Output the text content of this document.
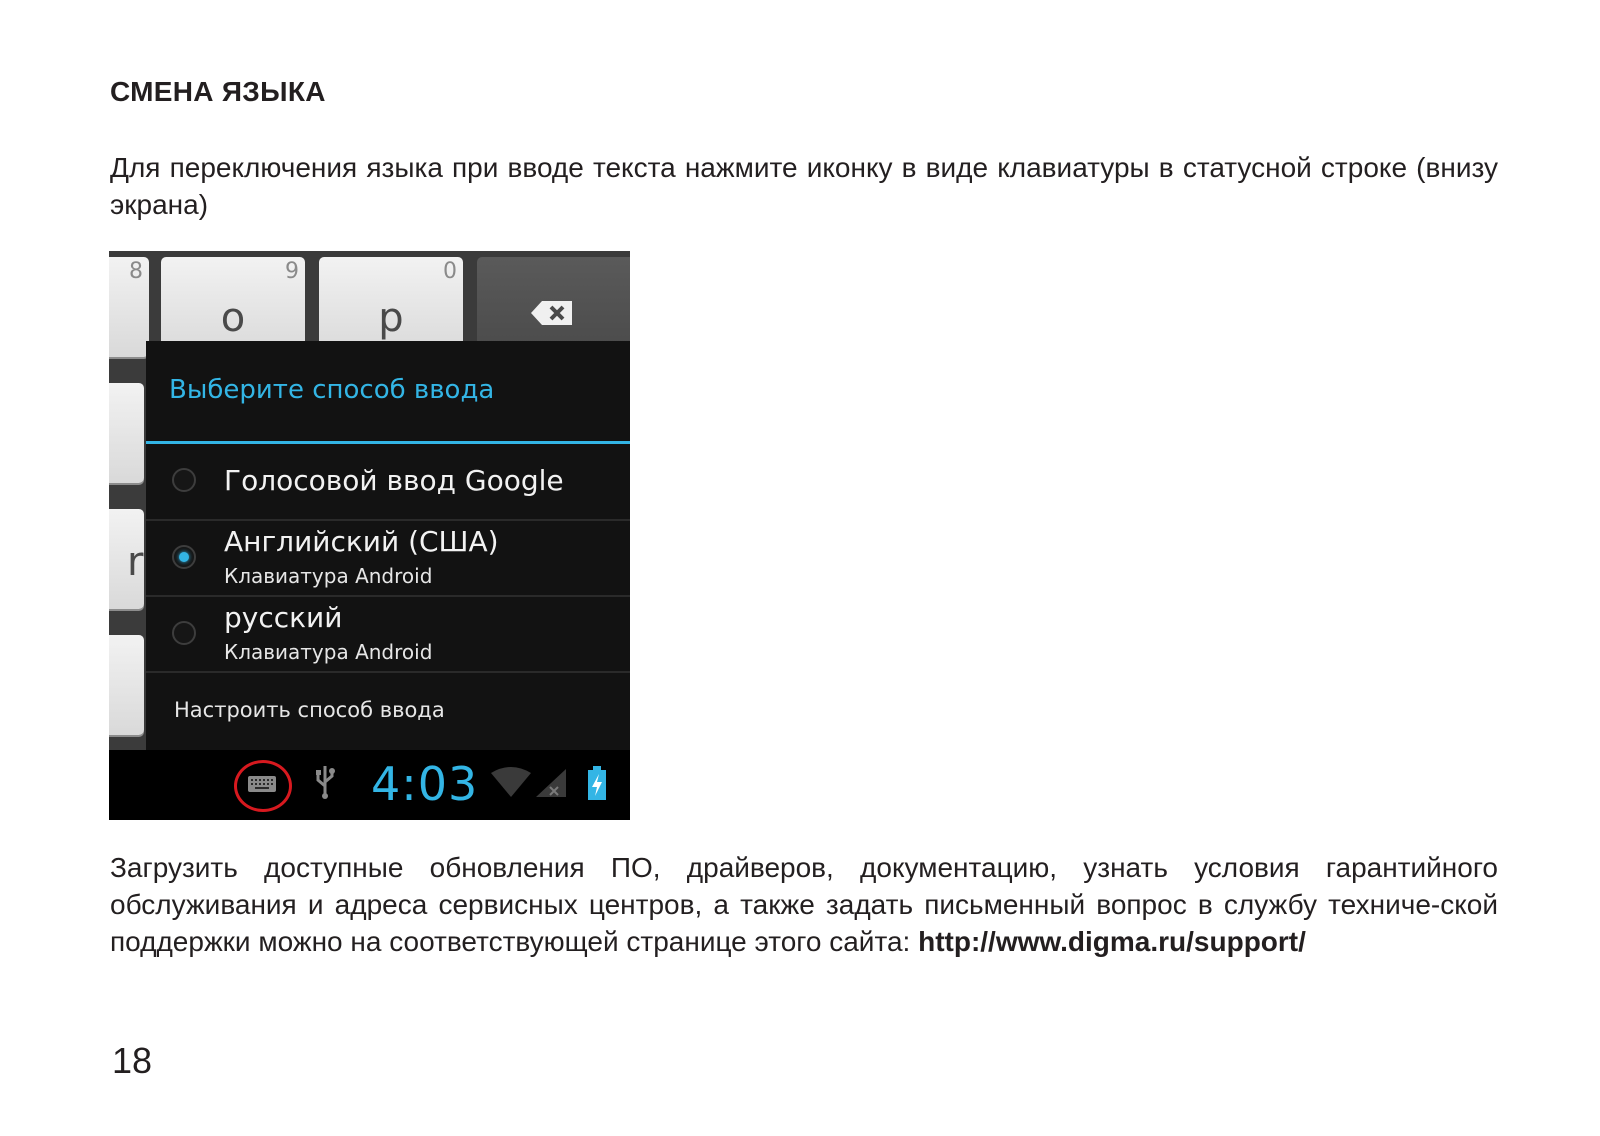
СМЕНА ЯЗЫКА
Для переключения языка при вводе текста нажмите иконку в виде клавиатуры в статусной строке (внизу экрана)
8	9
o
0
p
r
Выберите способ ввода
Голосовой ввод Google
Английский (США)
Клавиатура Android
русский
Клавиатура Android
Настроить способ ввода
4:03
Загрузить доступные обновления ПО, драйверов, документацию, узнать условия гарантийного обслуживания и адреса сервисных центров, а также задать письменный вопрос в службу техниче-ской поддержки можно на соответствующей странице этого сайта: http://www.digma.ru/support/
18
